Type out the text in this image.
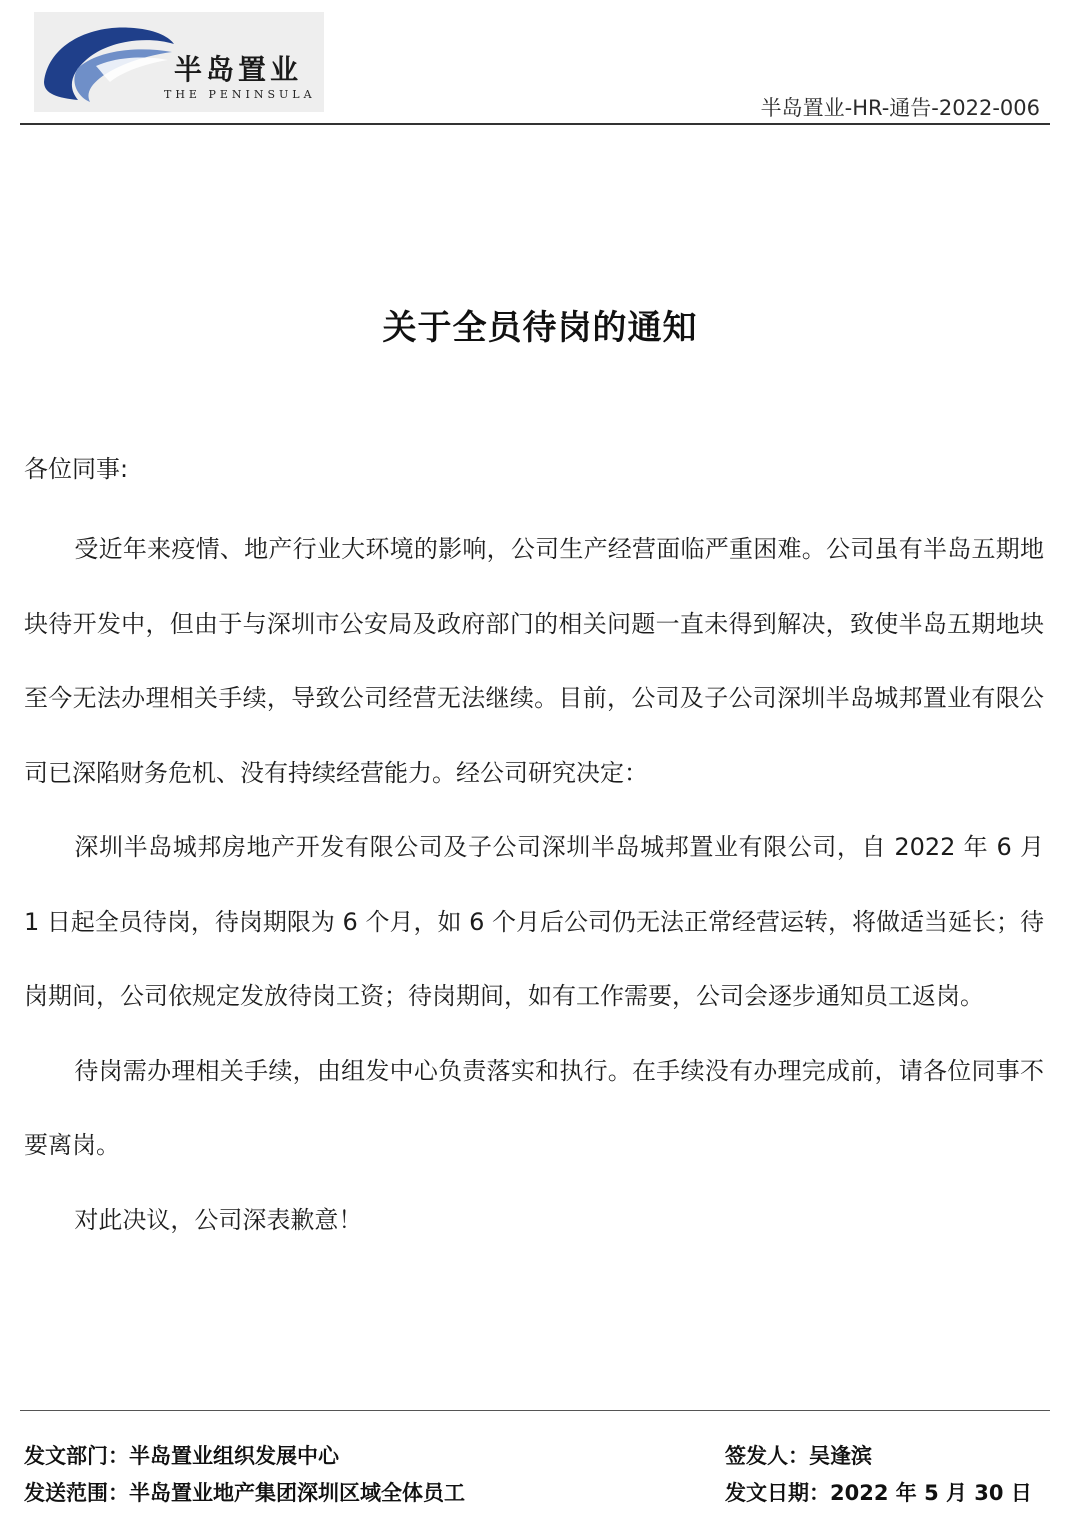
半岛置业
THE PENINSULA
半岛置业-HR-通告-2022-006
关于全员待岗的通知
各位同事:

受近年来疫情、地产行业大环境的影响，公司生产经营面临严重困难。公司虽有半岛五期地块待开发中，但由于与深圳市公安局及政府部门的相关问题一直未得到解决，致使半岛五期地块至今无法办理相关手续，导致公司经营无法继续。目前，公司及子公司深圳半岛城邦置业有限公司已深陷财务危机、没有持续经营能力。经公司研究决定：

深圳半岛城邦房地产开发有限公司及子公司深圳半岛城邦置业有限公司，自 2022 年 6 月 1 日起全员待岗，待岗期限为 6 个月，如 6 个月后公司仍无法正常经营运转，将做适当延长；待岗期间，公司依规定发放待岗工资；待岗期间，如有工作需要，公司会逐步通知员工返岗。

待岗需办理相关手续，由组发中心负责落实和执行。在手续没有办理完成前，请各位同事不要离岗。

对此决议，公司深表歉意！

发文部门：半岛置业组织发展中心
发送范围：半岛置业地产集团深圳区域全体员工
签发人：吴逢滨
发文日期：2022 年 5 月 30 日
